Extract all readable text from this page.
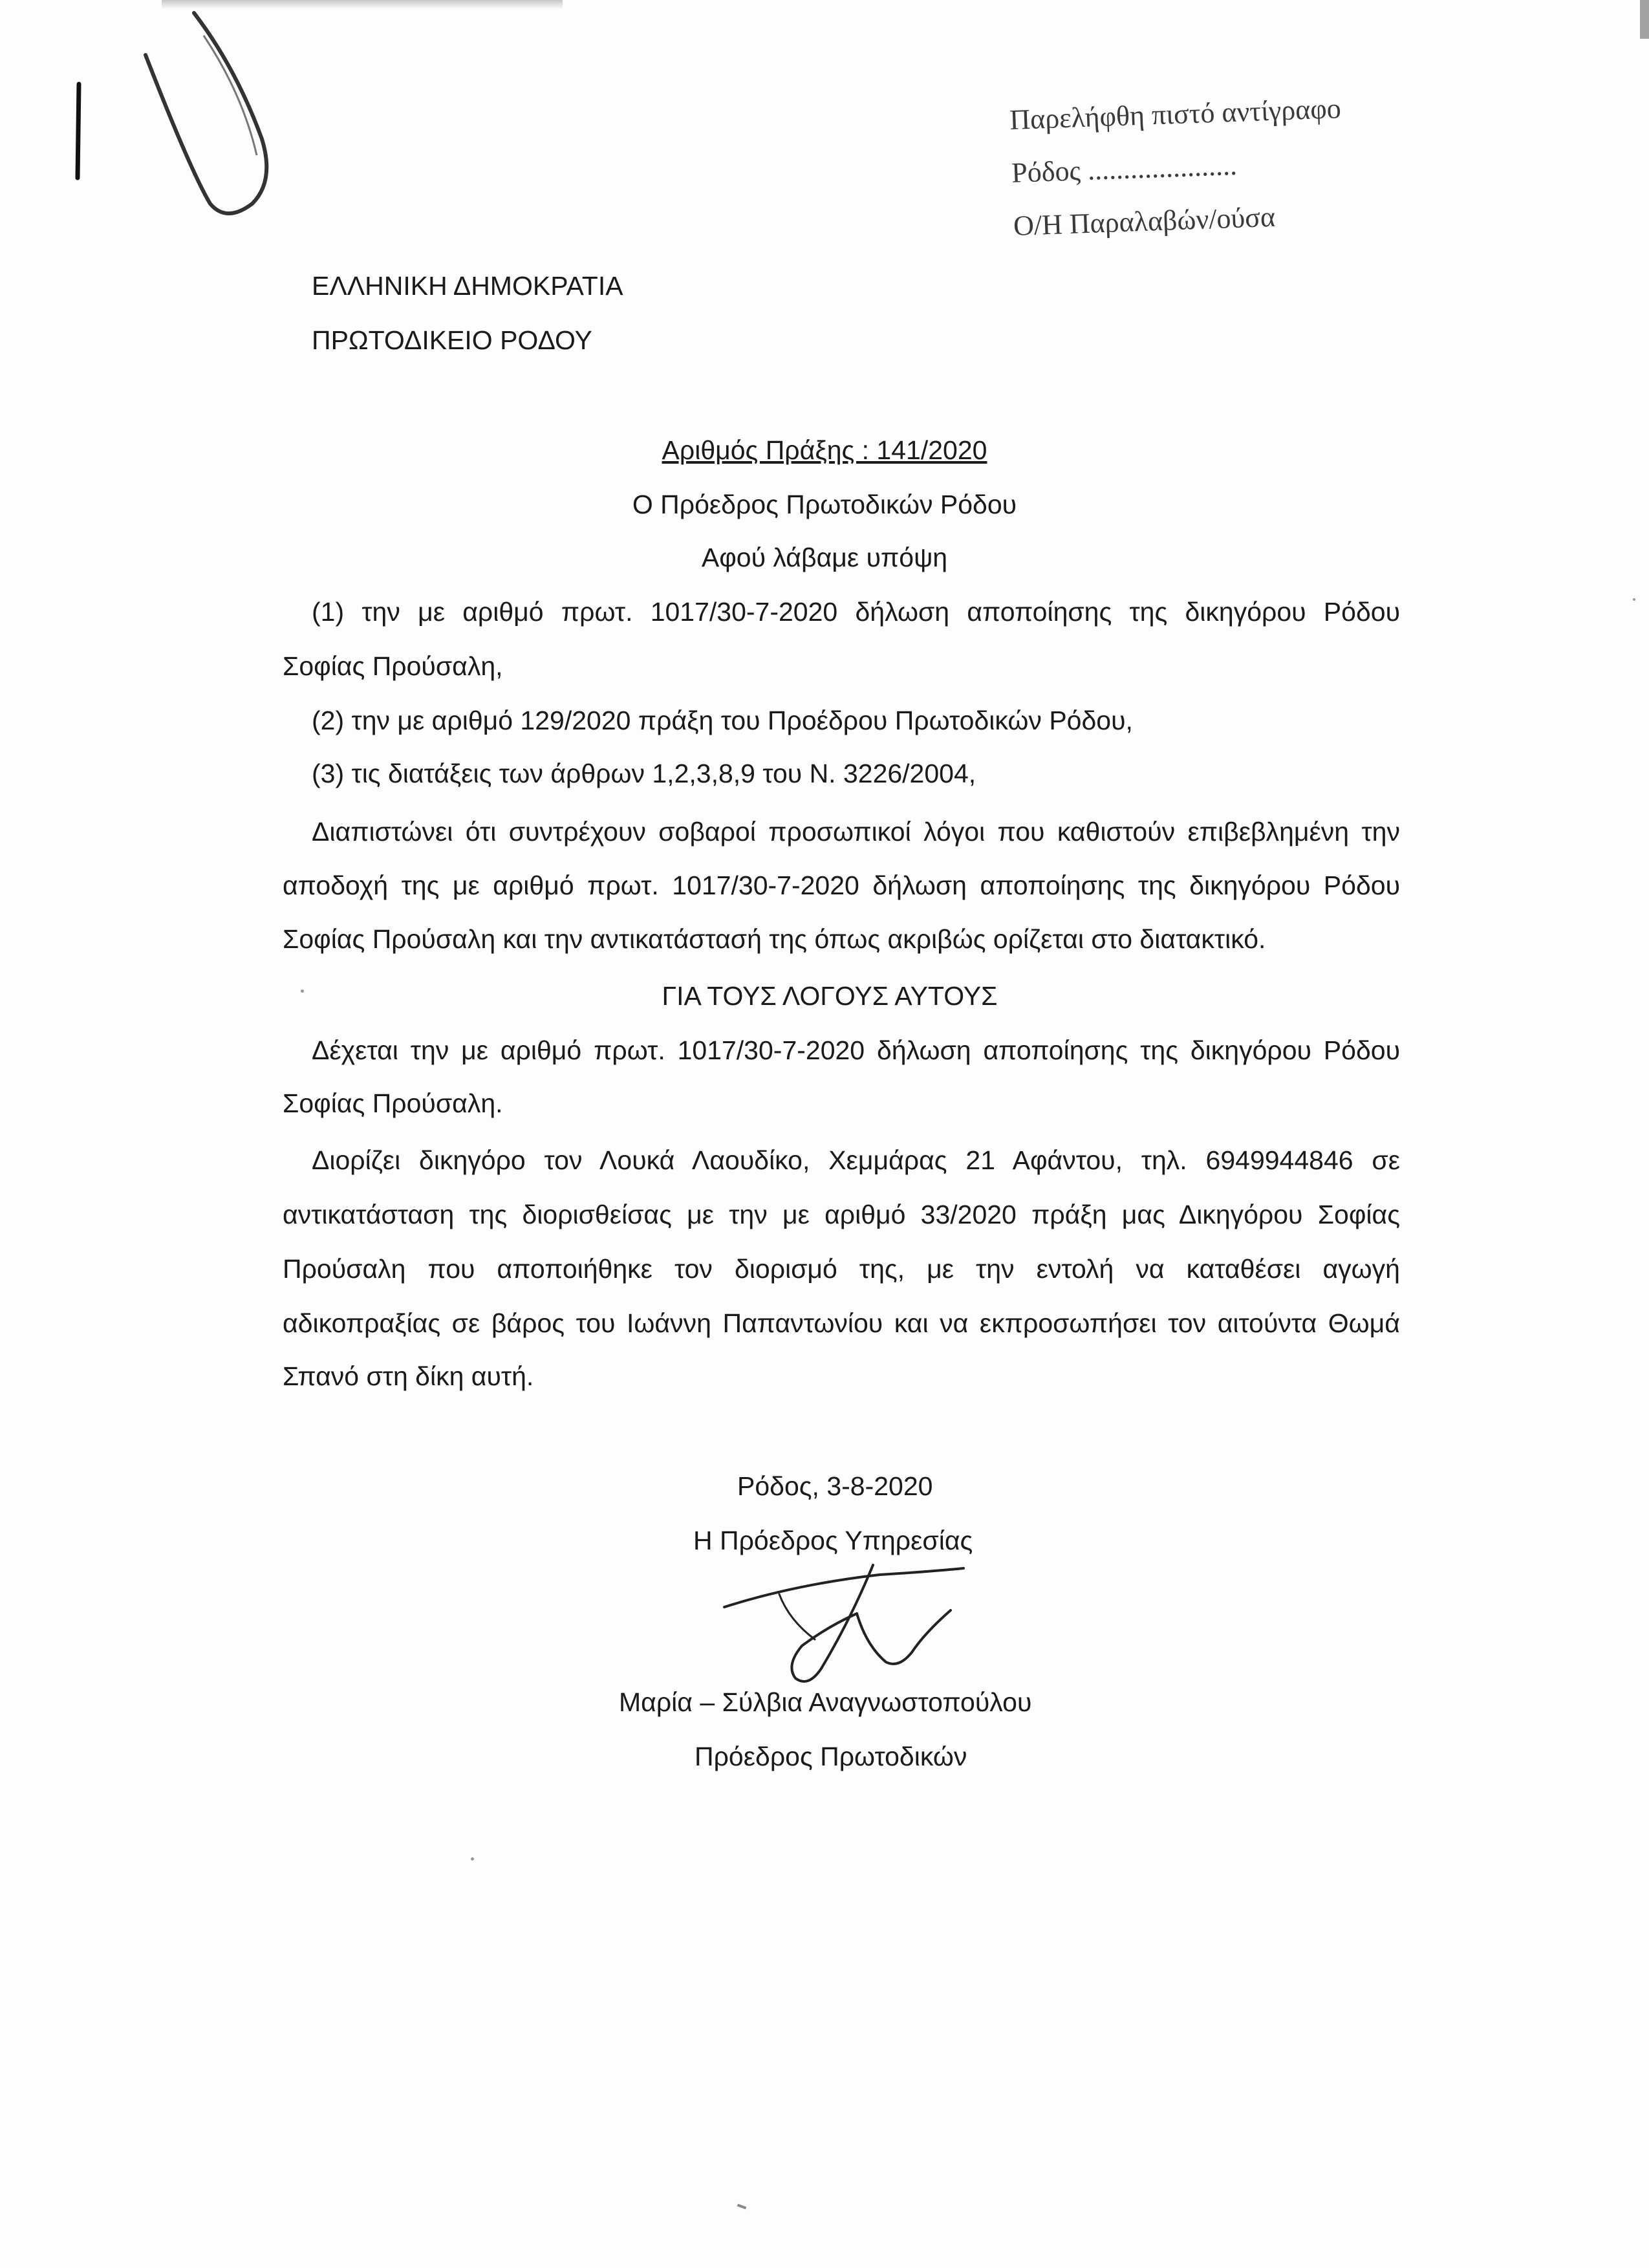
Παρελήφθη πιστό αντίγραφο
Ρόδος .....................
Ο/Η Παραλαβών/ούσα
ΕΛΛΗΝΙΚΗ ΔΗΜΟΚΡΑΤΙΑ
ΠΡΩΤΟΔΙΚΕΙΟ ΡΟΔΟΥ
Αριθμός Πράξης : 141/2020
Ο Πρόεδρος Πρωτοδικών Ρόδου
Αφού λάβαμε υπόψη
(1) την με αριθμό πρωτ. 1017/30-7-2020 δήλωση αποποίησης της δικηγόρου Ρόδου
Σοφίας Προύσαλη,
(2) την με αριθμό 129/2020 πράξη του Προέδρου Πρωτοδικών Ρόδου,
(3) τις διατάξεις των άρθρων 1,2,3,8,9 του Ν. 3226/2004,
Διαπιστώνει ότι συντρέχουν σοβαροί προσωπικοί λόγοι που καθιστούν επιβεβλημένη την
αποδοχή της με αριθμό πρωτ. 1017/30-7-2020 δήλωση αποποίησης της δικηγόρου Ρόδου
Σοφίας Προύσαλη και την αντικατάστασή της όπως ακριβώς ορίζεται στο διατακτικό.
ΓΙΑ ΤΟΥΣ ΛΟΓΟΥΣ ΑΥΤΟΥΣ
Δέχεται την με αριθμό πρωτ. 1017/30-7-2020 δήλωση αποποίησης της δικηγόρου Ρόδου
Σοφίας Προύσαλη.
Διορίζει δικηγόρο τον Λουκά Λαουδίκο, Χεμμάρας 21 Αφάντου, τηλ. 6949944846 σε
αντικατάσταση της διορισθείσας με την με αριθμό 33/2020 πράξη μας Δικηγόρου Σοφίας
Προύσαλη που αποποιήθηκε τον διορισμό της, με την εντολή να καταθέσει αγωγή
αδικοπραξίας σε βάρος του Ιωάννη Παπαντωνίου και να εκπροσωπήσει τον αιτούντα Θωμά
Σπανό στη δίκη αυτή.
Ρόδος, 3-8-2020
Η Πρόεδρος Υπηρεσίας
Μαρία – Σύλβια Αναγνωστοπούλου
Πρόεδρος Πρωτοδικών
